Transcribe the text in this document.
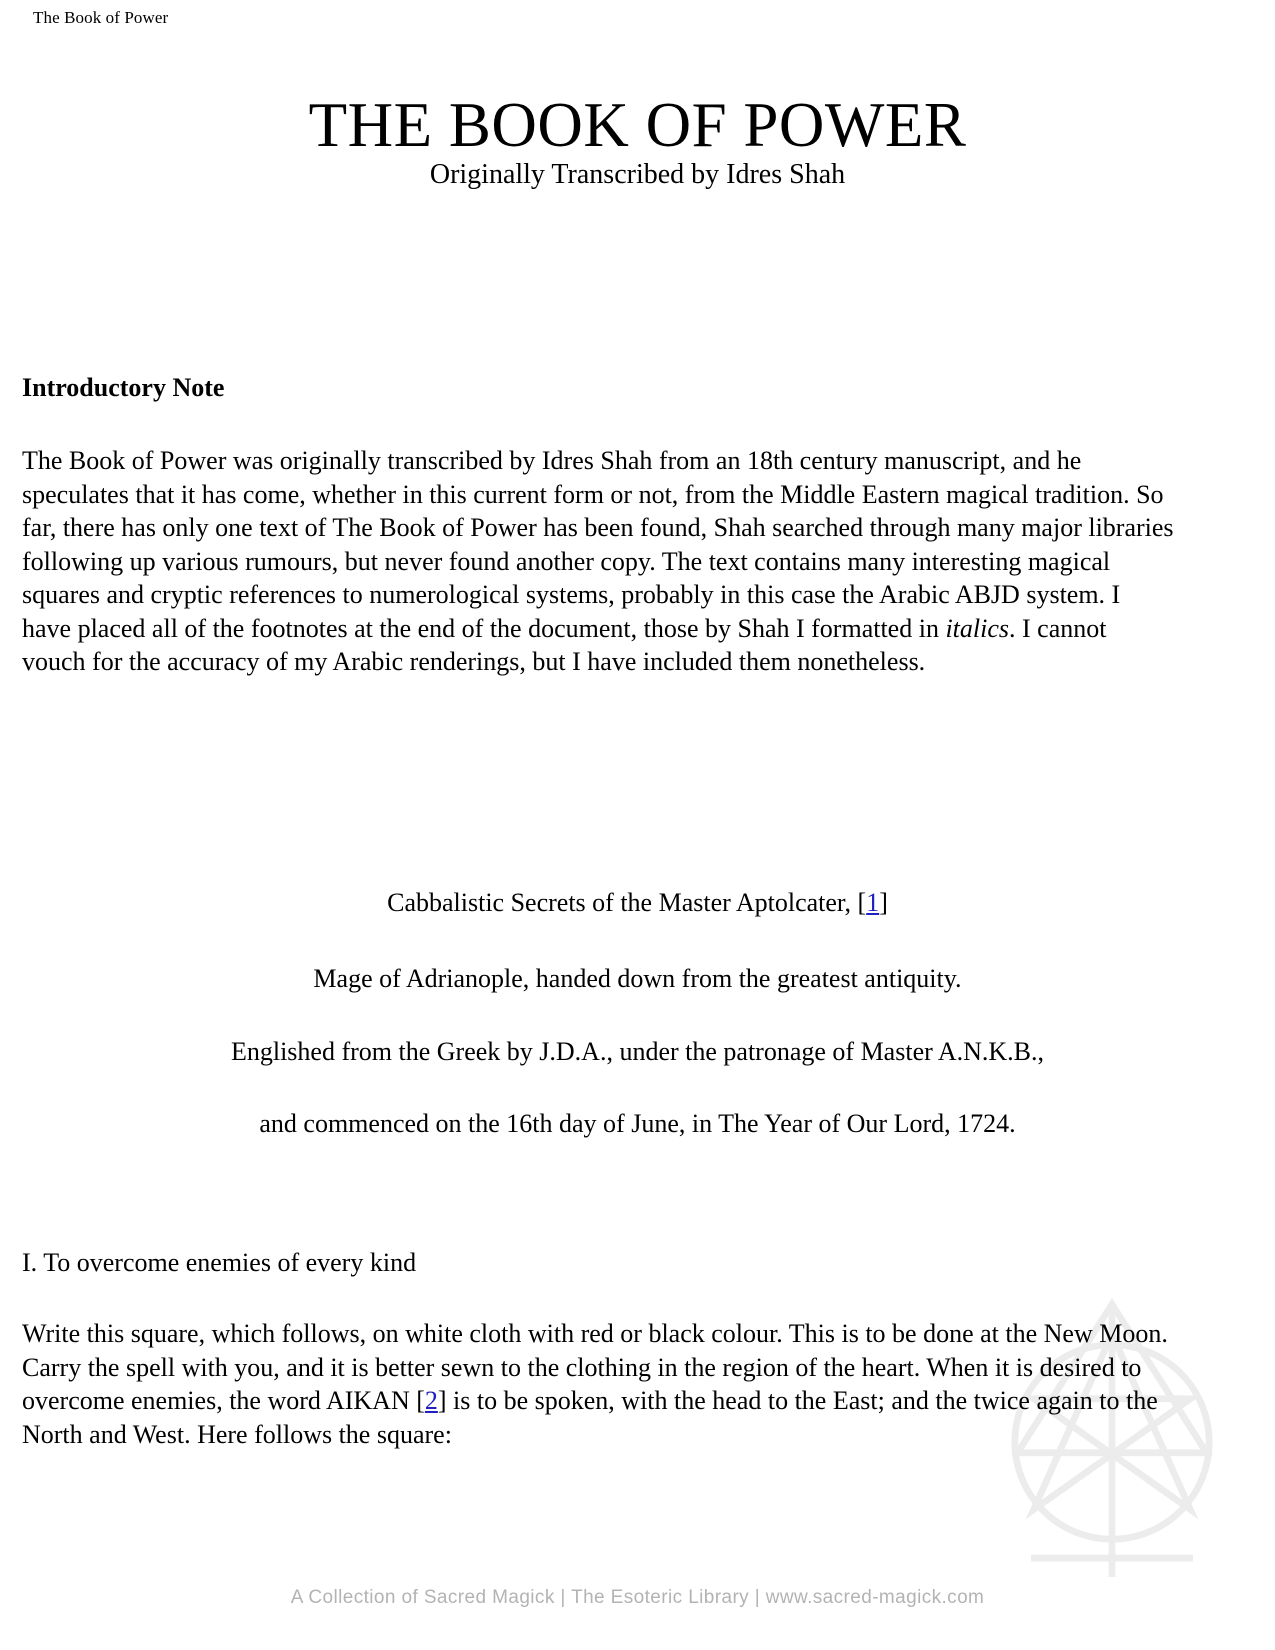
The Book of Power
THE BOOK OF POWER
Originally Transcribed by Idres Shah
Introductory Note
The Book of Power was originally transcribed by Idres Shah from an 18th century manuscript, and he speculates that it has come, whether in this current form or not, from the Middle Eastern magical tradition. So far, there has only one text of The Book of Power has been found, Shah searched through many major libraries following up various rumours, but never found another copy. The text contains many interesting magical squares and cryptic references to numerological systems, probably in this case the Arabic ABJD system. I have placed all of the footnotes at the end of the document, those by Shah I formatted in italics. I cannot vouch for the accuracy of my Arabic renderings, but I have included them nonetheless.
Cabbalistic Secrets of the Master Aptolcater, [1]
Mage of Adrianople, handed down from the greatest antiquity.
Englished from the Greek by J.D.A., under the patronage of Master A.N.K.B.,
and commenced on the 16th day of June, in The Year of Our Lord, 1724.
I. To overcome enemies of every kind
Write this square, which follows, on white cloth with red or black colour. This is to be done at the New Moon. Carry the spell with you, and it is better sewn to the clothing in the region of the heart. When it is desired to overcome enemies, the word AIKAN [2] is to be spoken, with the head to the East; and the twice again to the North and West. Here follows the square:
A Collection of Sacred Magick | The Esoteric Library | www.sacred-magick.com
